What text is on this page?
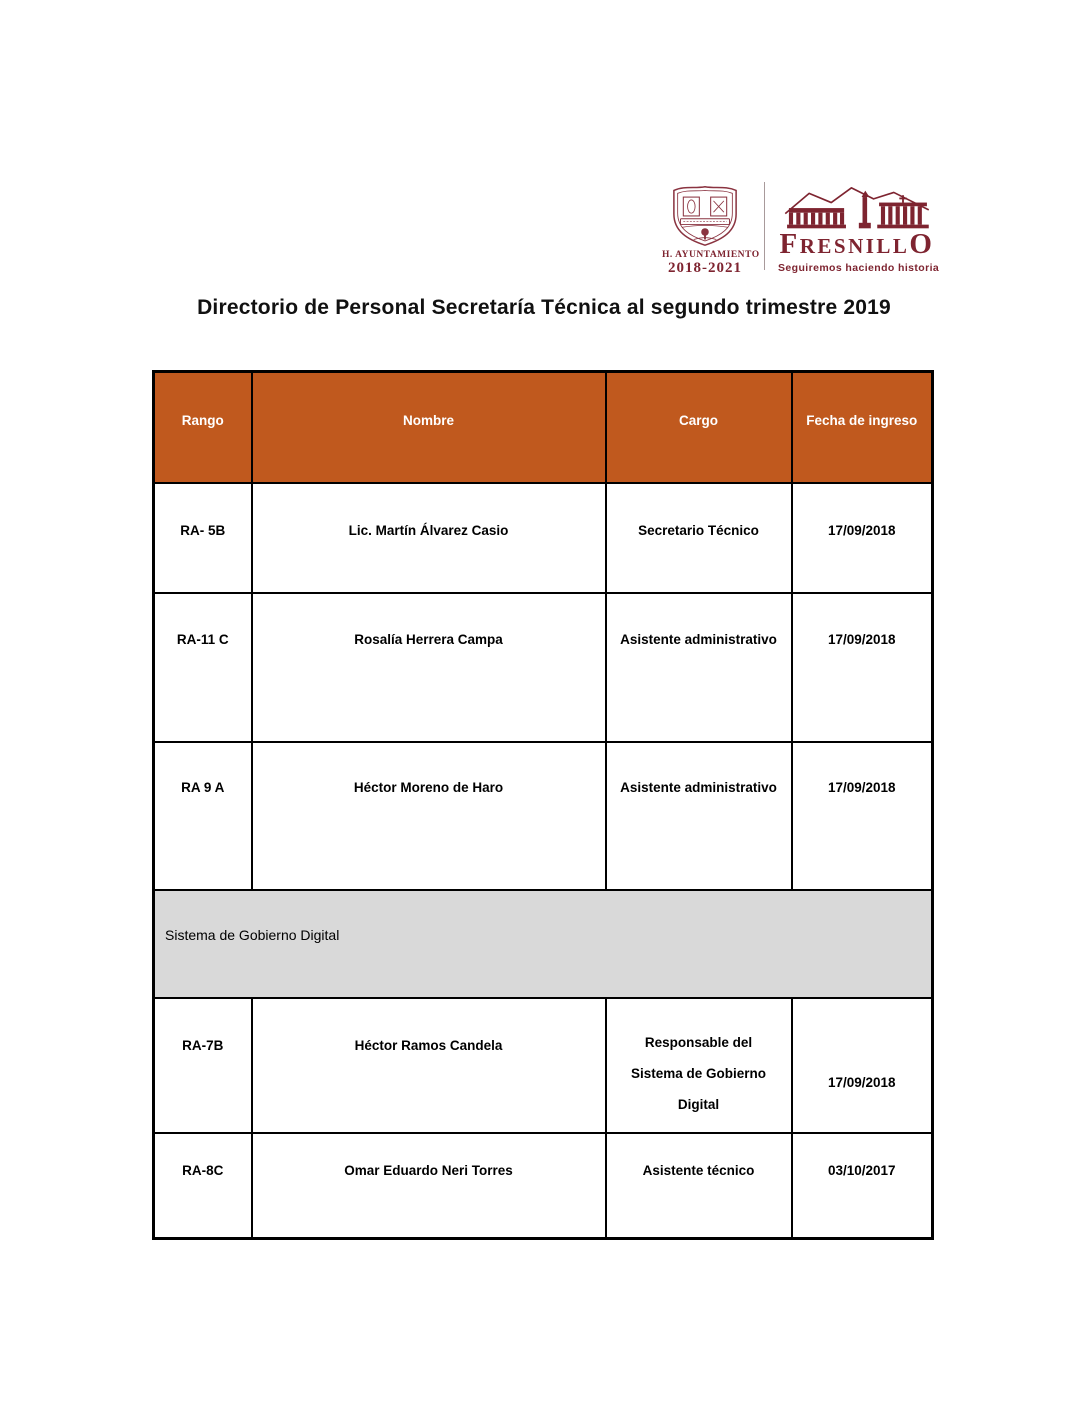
H. AYUNTAMIENTO
2018-2021
FRESNILLO
Seguiremos haciendo historia
Directorio de Personal Secretaría Técnica al segundo trimestre 2019
Rango	Nombre	Cargo	Fecha de ingreso
RA- 5B	Lic. Martín Álvarez Casio	Secretario Técnico	17/09/2018
RA-11 C	Rosalía Herrera Campa	Asistente administrativo	17/09/2018
RA 9 A	Héctor Moreno de Haro	Asistente administrativo	17/09/2018
Sistema de Gobierno Digital			
RA-7B	Héctor Ramos Candela	Responsable del Sistema de Gobierno Digital	17/09/2018
RA-8C	Omar Eduardo Neri Torres	Asistente técnico	03/10/2017
